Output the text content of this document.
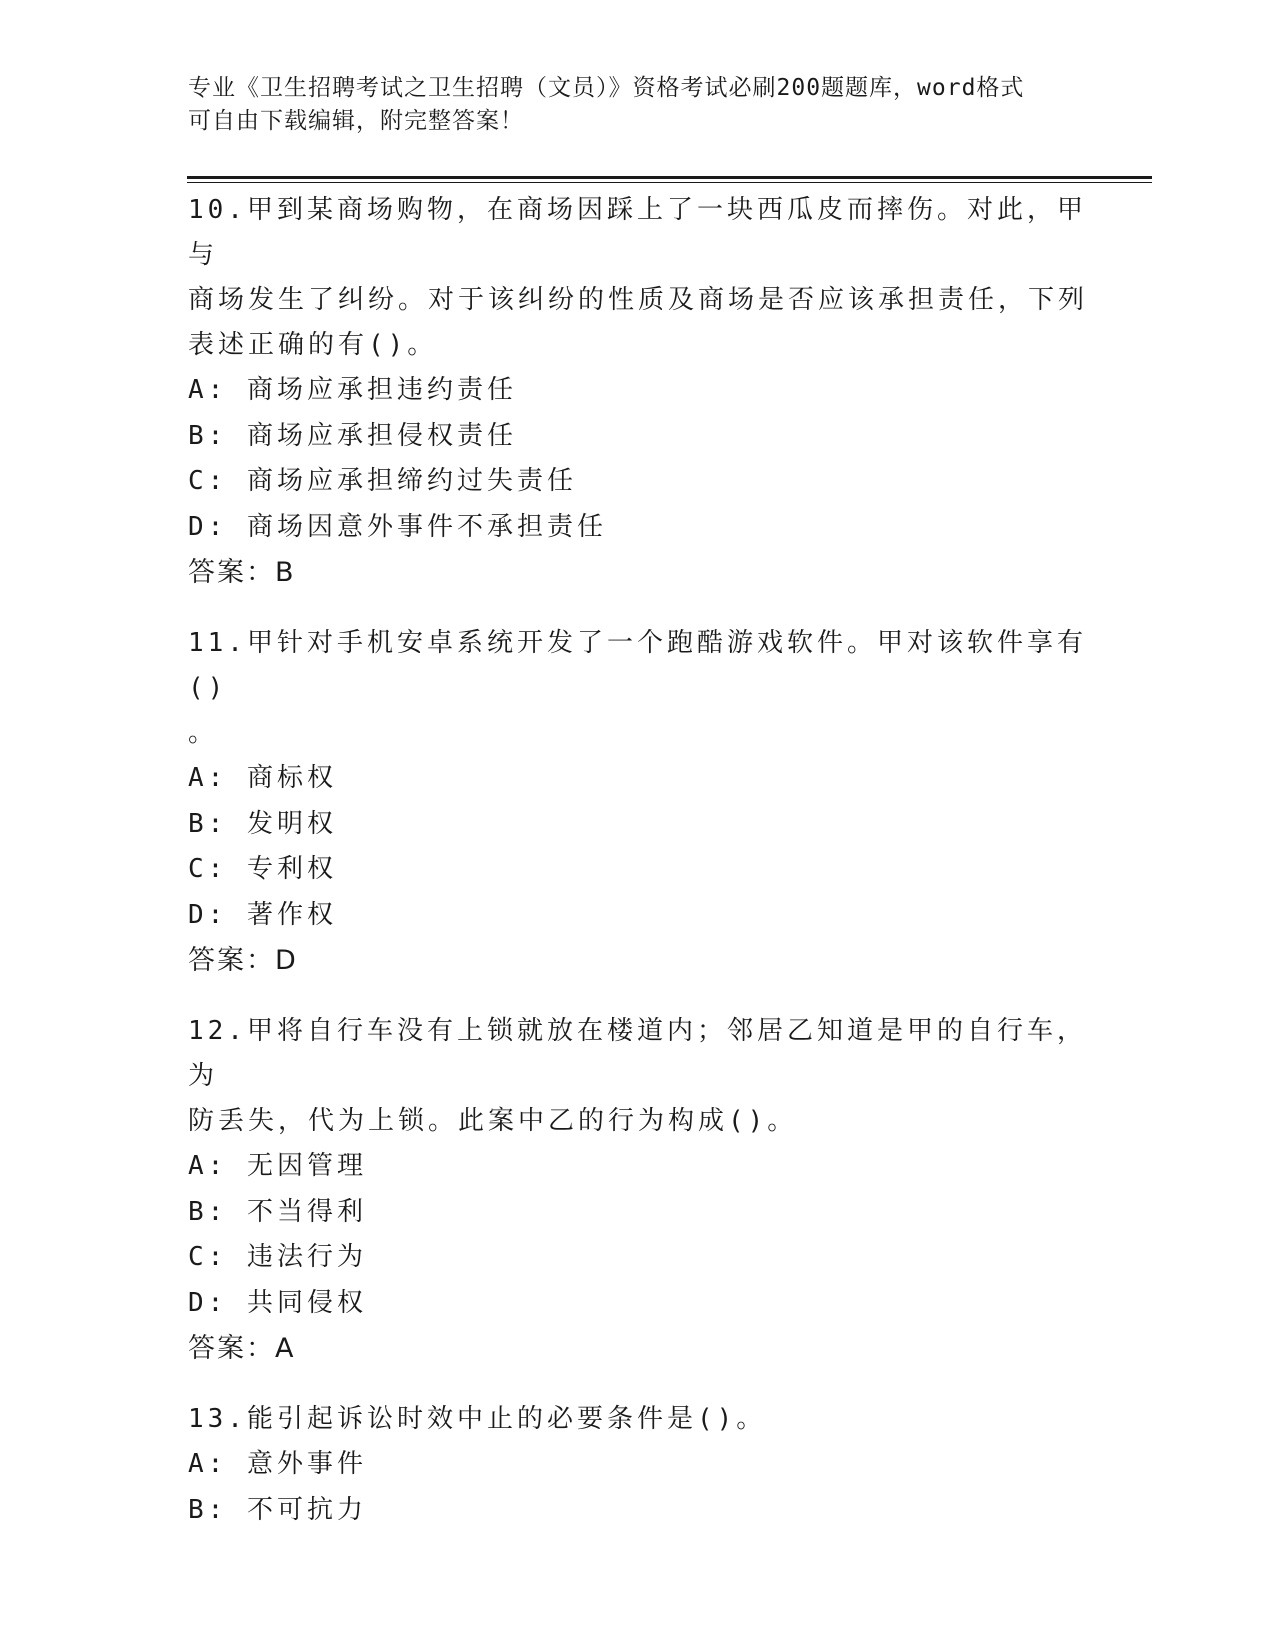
专业《卫生招聘考试之卫生招聘（文员）》资格考试必刷200题题库，word格式
可自由下载编辑，附完整答案！
10.甲到某商场购物，在商场因踩上了一块西瓜皮而摔伤。对此，甲与
商场发生了纠纷。对于该纠纷的性质及商场是否应该承担责任，下列
表述正确的有()。
A: 商场应承担违约责任
B: 商场应承担侵权责任
C: 商场应承担缔约过失责任
D: 商场因意外事件不承担责任
答案：B
11.甲针对手机安卓系统开发了一个跑酷游戏软件。甲对该软件享有()
。
A: 商标权
B: 发明权
C: 专利权
D: 著作权
答案：D
12.甲将自行车没有上锁就放在楼道内；邻居乙知道是甲的自行车，为
防丢失，代为上锁。此案中乙的行为构成()。
A: 无因管理
B: 不当得利
C: 违法行为
D: 共同侵权
答案：A
13.能引起诉讼时效中止的必要条件是()。
A: 意外事件
B: 不可抗力
